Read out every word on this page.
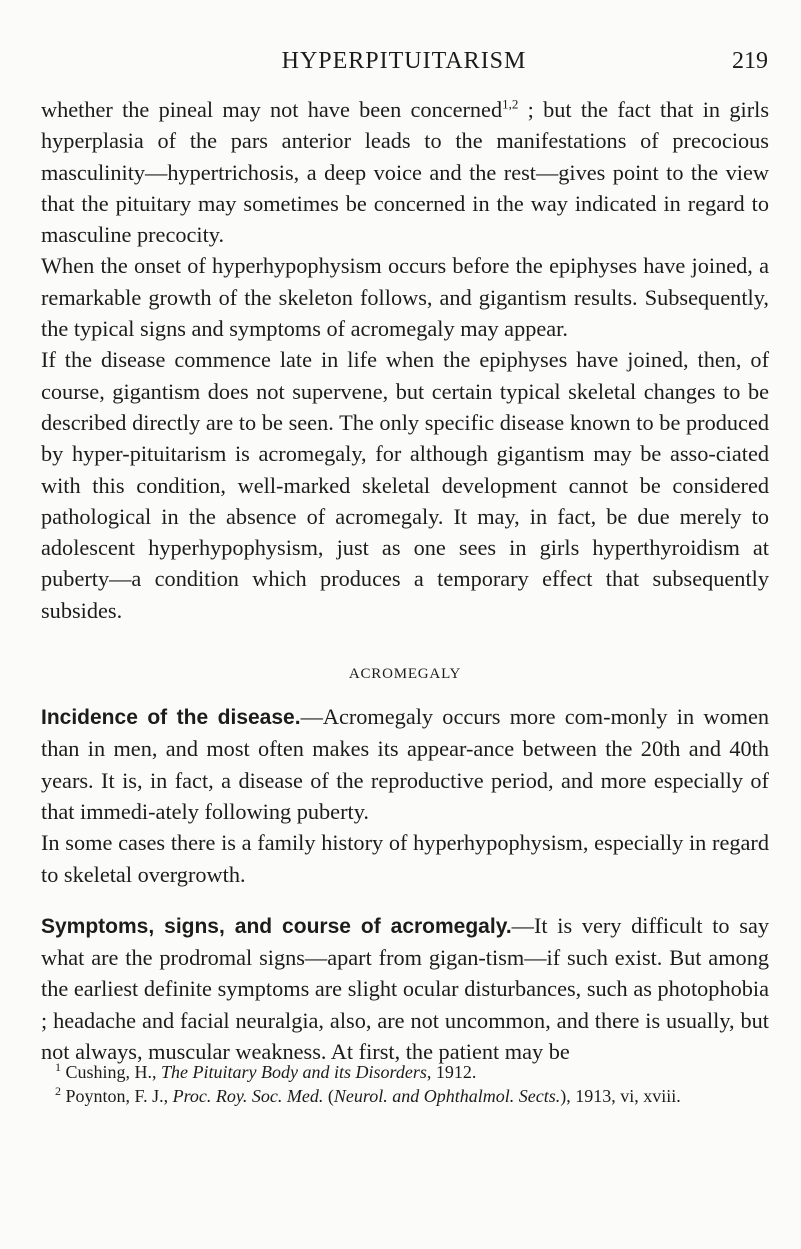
HYPERPITUITARISM	219

whether the pineal may not have been concerned$^{1,2}$ ; but the fact that in girls hyperplasia of the pars anterior leads to the manifestations of precocious masculinity—hypertrichosis, a deep voice and the rest—gives point to the view that the pituitary may sometimes be concerned in the way indicated in regard to masculine precocity.

When the onset of hyperhypophysism occurs before the epiphyses have joined, a remarkable growth of the skeleton follows, and gigantism results. Subsequently, the typical signs and symptoms of acromegaly may appear.

If the disease commence late in life when the epiphyses have joined, then, of course, gigantism does not supervene, but certain typical skeletal changes to be described directly are to be seen. The only specific disease known to be produced by hyper-pituitarism is acromegaly, for although gigantism may be asso-ciated with this condition, well-marked skeletal development cannot be considered pathological in the absence of acromegaly. It may, in fact, be due merely to adolescent hyperhypophysism, just as one sees in girls hyperthyroidism at puberty—a condition which produces a temporary effect that subsequently subsides.

ACROMEGALY

Incidence of the disease.—Acromegaly occurs more com-monly in women than in men, and most often makes its appear-ance between the 20th and 40th years. It is, in fact, a disease of the reproductive period, and more especially of that immedi-ately following puberty.

In some cases there is a family history of hyperhypophysism, especially in regard to skeletal overgrowth.

Symptoms, signs, and course of acromegaly.—It is very difficult to say what are the prodromal signs—apart from gigan-tism—if such exist. But among the earliest definite symptoms are slight ocular disturbances, such as photophobia ; headache and facial neuralgia, also, are not uncommon, and there is usually, but not always, muscular weakness. At first, the patient may be

$^1$ Cushing, H., The Pituitary Body and its Disorders, 1912.

$^2$ Poynton, F. J., Proc. Roy. Soc. Med. (Neurol. and Ophthalmol. Sects.), 1913, vi, xviii.
